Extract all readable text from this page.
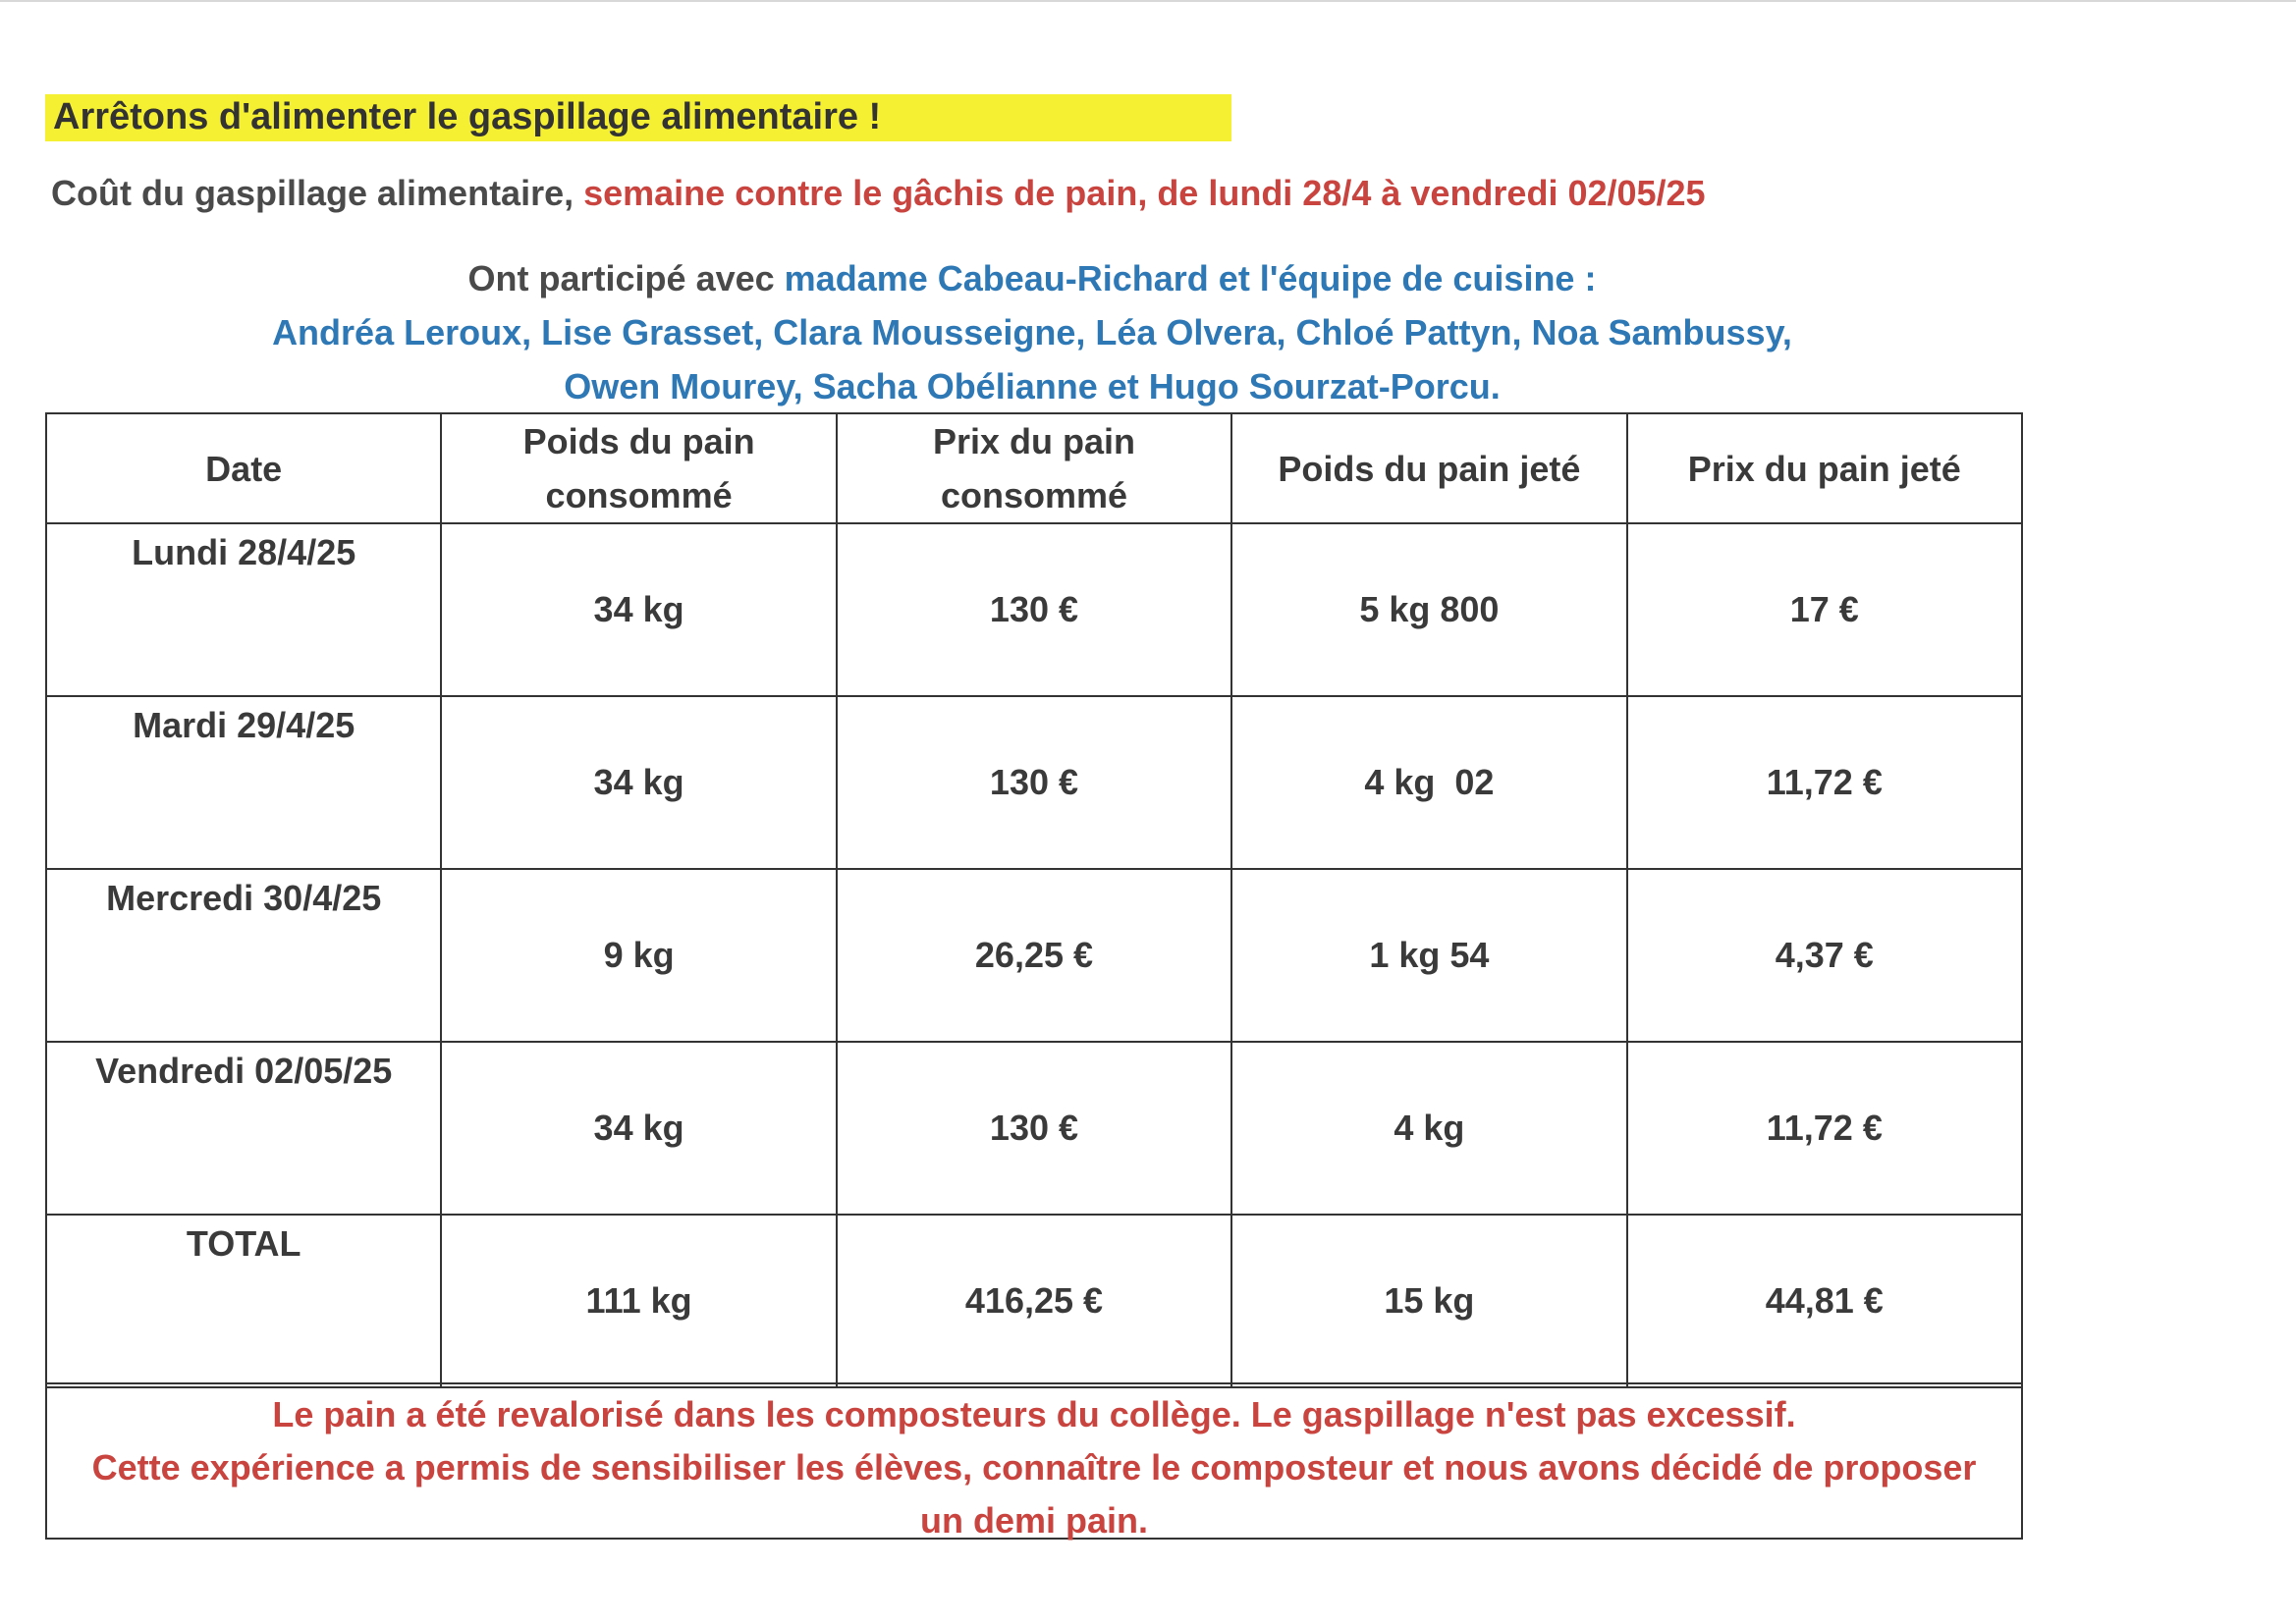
Arrêtons d'alimenter le gaspillage alimentaire !
Coût du gaspillage alimentaire, semaine contre le gâchis de pain, de lundi 28/4 à vendredi 02/05/25
Ont participé avec madame Cabeau-Richard et l'équipe de cuisine :
Andréa Leroux, Lise Grasset, Clara Mousseigne, Léa Olvera, Chloé Pattyn, Noa Sambussy,
Owen Mourey, Sacha Obélianne et Hugo Sourzat-Porcu.
Date	Poids du pain consommé	Prix du pain consommé	Poids du pain jeté	Prix du pain jeté
Lundi 28/4/25	34 kg	130 €	5 kg 800	17 €
Mardi 29/4/25	34 kg	130 €	4 kg  02	11,72 €
Mercredi 30/4/25	9 kg	26,25 €	1 kg 54	4,37 €
Vendredi 02/05/25	34 kg	130 €	4 kg	11,72 €
TOTAL	111 kg	416,25 €	15 kg	44,81 €
Le pain a été revalorisé dans les composteurs du collège. Le gaspillage n'est pas excessif.
Cette expérience a permis de sensibiliser les élèves, connaître le composteur et nous avons décidé de proposer
un demi pain.
